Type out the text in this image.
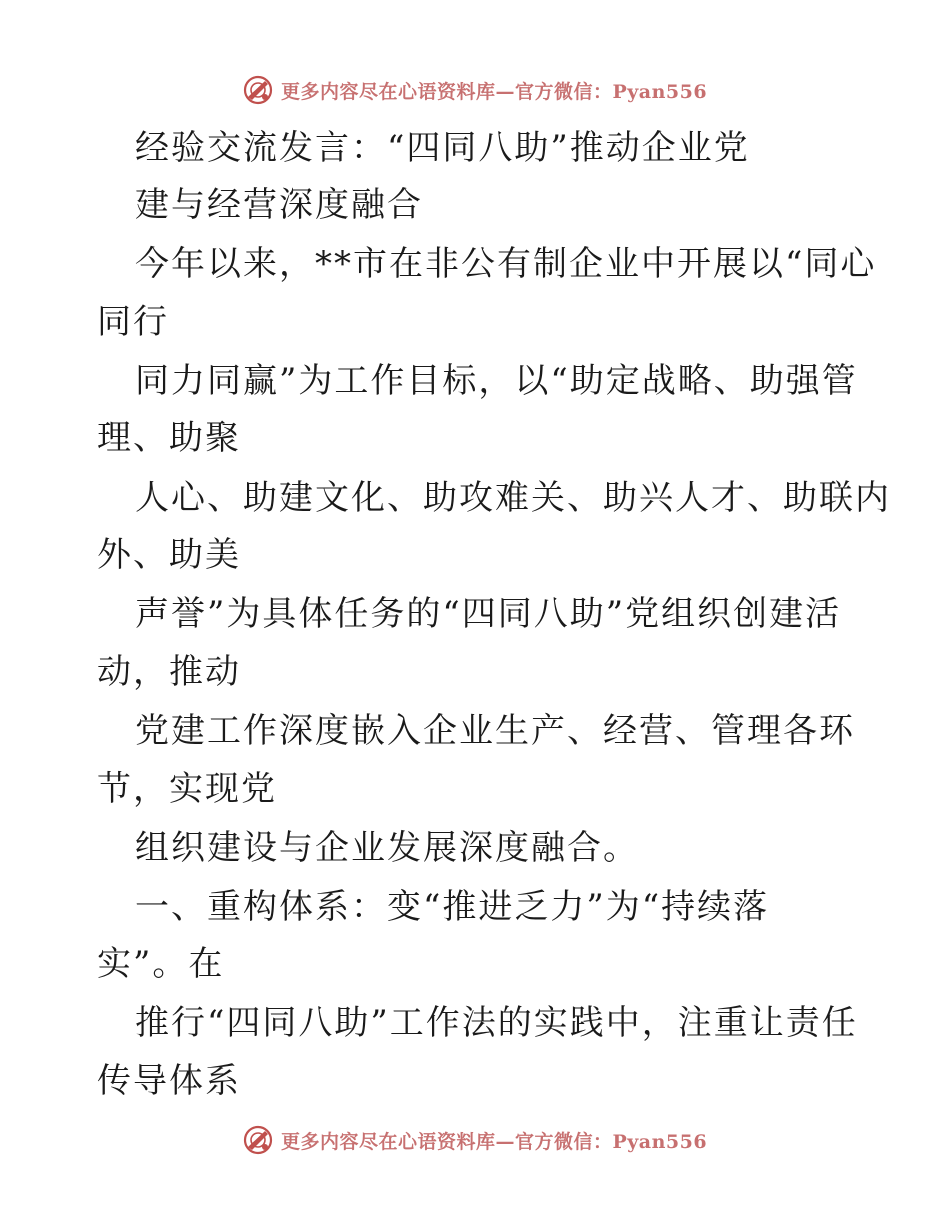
更多内容尽在心语资料库—官方微信：Pyan556
经验交流发言：“四同八助”推动企业党
建与经营深度融合
今年以来，**市在非公有制企业中开展以“同心
同行
同力同赢”为工作目标，以“助定战略、助强管
理、助聚
人心、助建文化、助攻难关、助兴人才、助联内
外、助美
声誉”为具体任务的“四同八助”党组织创建活
动，推动
党建工作深度嵌入企业生产、经营、管理各环
节，实现党
组织建设与企业发展深度融合。
一、重构体系：变“推进乏力”为“持续落
实”。在
推行“四同八助”工作法的实践中，注重让责任
传导体系
更多内容尽在心语资料库—官方微信：Pyan556
